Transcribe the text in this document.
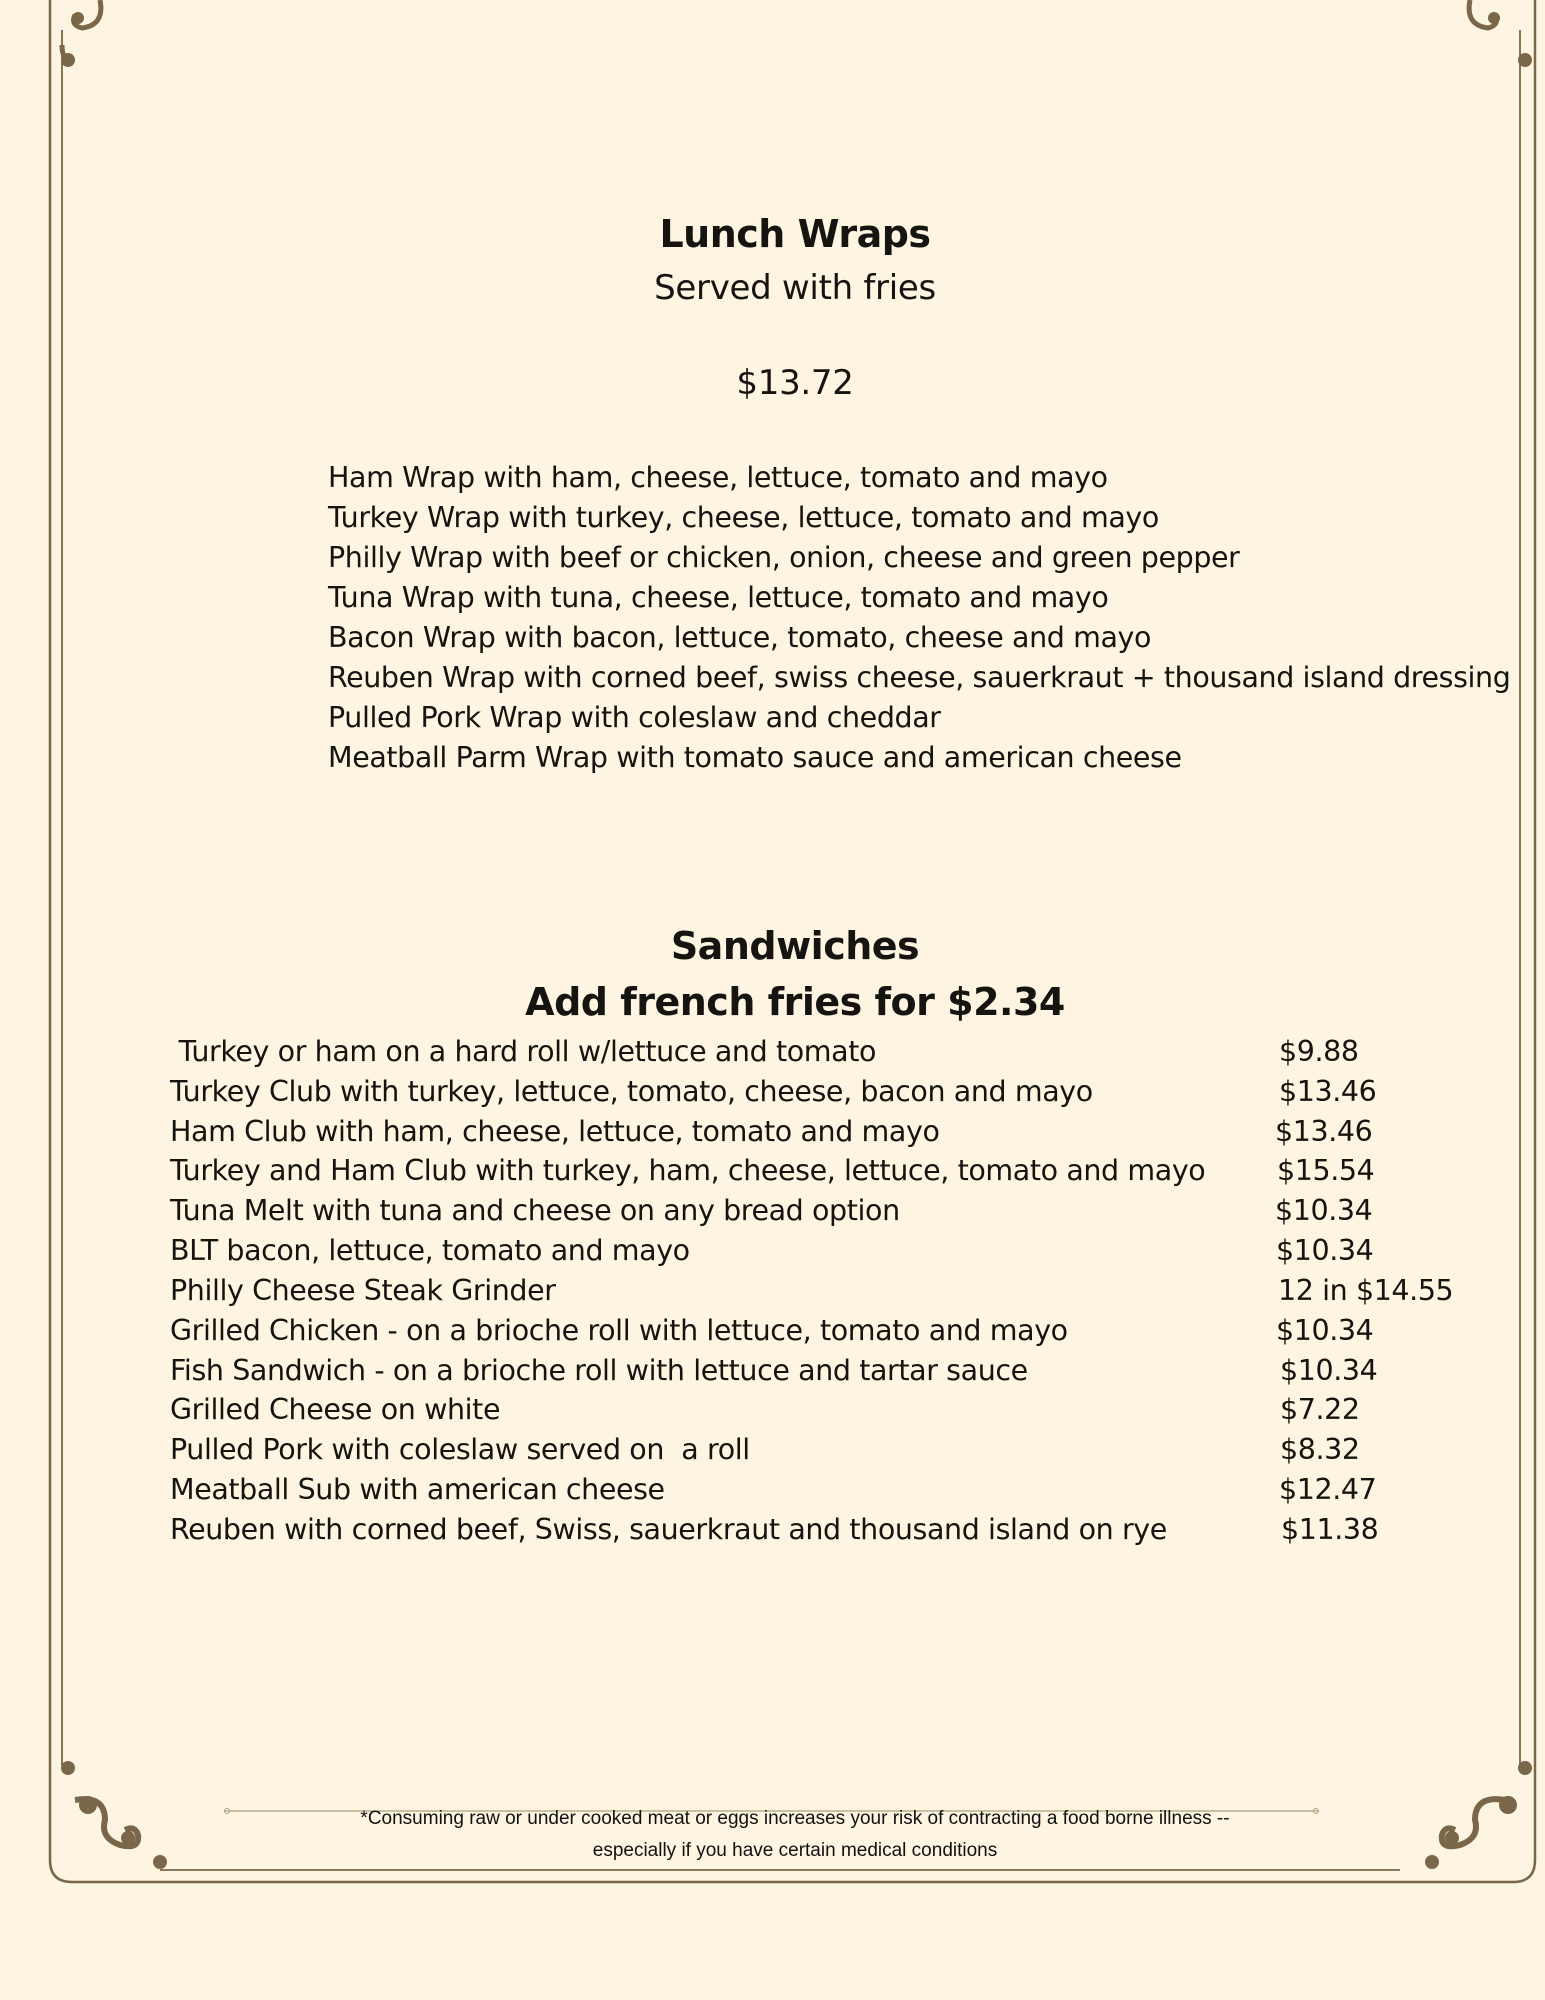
Lunch Wraps
Served with fries
$13.72
Ham Wrap with ham, cheese, lettuce, tomato and mayo
Turkey Wrap with turkey, cheese, lettuce, tomato and mayo
Philly Wrap with beef or chicken, onion, cheese and green pepper
Tuna Wrap with tuna, cheese, lettuce, tomato and mayo
Bacon Wrap with bacon, lettuce, tomato, cheese and mayo
Reuben Wrap with corned beef, swiss cheese, sauerkraut + thousand island dressing
Pulled Pork Wrap with coleslaw and cheddar
Meatball Parm Wrap with tomato sauce and american cheese
Sandwiches
Add french fries for $2.34
Turkey or ham on a hard roll w/lettuce and tomato	$9.88
Turkey Club with turkey, lettuce, tomato, cheese, bacon and mayo	$13.46
Ham Club with ham, cheese, lettuce, tomato and mayo	$13.46
Turkey and Ham Club with turkey, ham, cheese, lettuce, tomato and mayo	$15.54
Tuna Melt with tuna and cheese on any bread option	$10.34
BLT bacon, lettuce, tomato and mayo	$10.34
Philly Cheese Steak Grinder	12 in $14.55
Grilled Chicken - on a brioche roll with lettuce, tomato and mayo	$10.34
Fish Sandwich - on a brioche roll with lettuce and tartar sauce	$10.34
Grilled Cheese on white	$7.22
Pulled Pork with coleslaw served on  a roll	$8.32
Meatball Sub with american cheese	$12.47
Reuben with corned beef, Swiss, sauerkraut and thousand island on rye	$11.38
*Consuming raw or under cooked meat or eggs increases your risk of contracting a food borne illness --
especially if you have certain medical conditions
